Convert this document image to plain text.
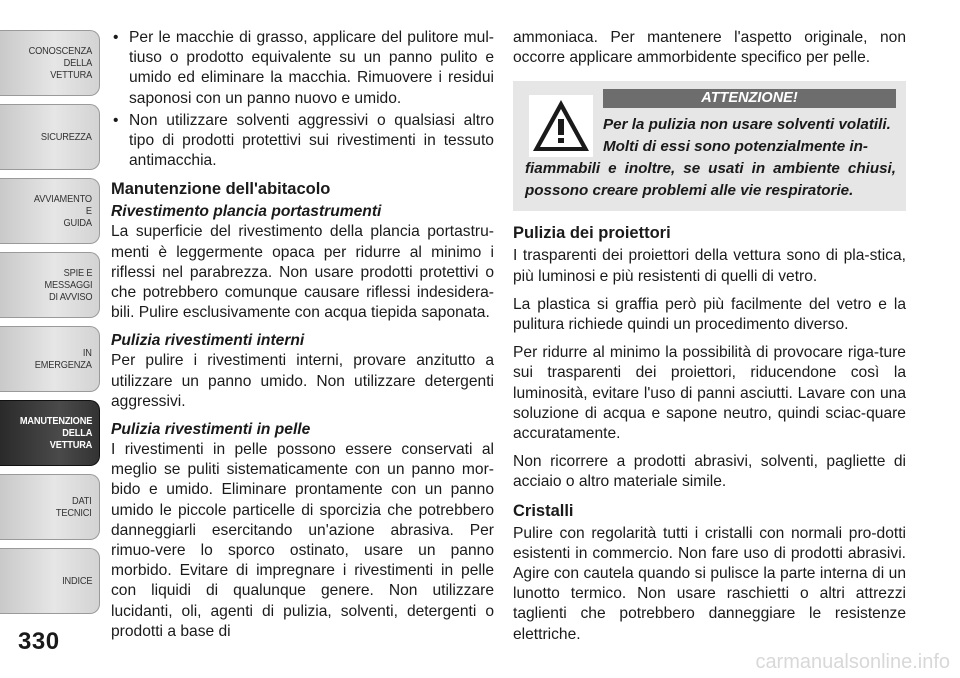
CONOSCENZA
DELLA
VETTURA
SICUREZZA
AVVIAMENTO
E
GUIDA
SPIE E
MESSAGGI
DI AVVISO
IN
EMERGENZA
MANUTENZIONE
DELLA
VETTURA
DATI
TECNICI
INDICE
330
• Per le macchie di grasso, applicare del pulitore mul-tiuso o prodotto equivalente su un panno pulito e umido ed eliminare la macchia. Rimuovere i residui saponosi con un panno nuovo e umido.
• Non utilizzare solventi aggressivi o qualsiasi altro tipo di prodotti protettivi sui rivestimenti in tessuto antimacchia.
Manutenzione dell'abitacolo
Rivestimento plancia portastrumenti

La superficie del rivestimento della plancia portastru-menti è leggermente opaca per ridurre al minimo i riflessi nel parabrezza. Non usare prodotti protettivi o che potrebbero comunque causare riflessi indesidera-bili. Pulire esclusivamente con acqua tiepida saponata.

Pulizia rivestimenti interni

Per pulire i rivestimenti interni, provare anzitutto a utilizzare un panno umido. Non utilizzare detergenti aggressivi.

Pulizia rivestimenti in pelle

I rivestimenti in pelle possono essere conservati al meglio se puliti sistematicamente con un panno mor-bido e umido. Eliminare prontamente con un panno umido le piccole particelle di sporcizia che potrebbero danneggiarli esercitando un'azione abrasiva. Per rimuo-vere lo sporco ostinato, usare un panno morbido. Evitare di impregnare i rivestimenti in pelle con liquidi di qualunque genere. Non utilizzare lucidanti, oli, agenti di pulizia, solventi, detergenti o prodotti a base di

ammoniaca. Per mantenere l'aspetto originale, non occorre applicare ammorbidente specifico per pelle.

ATTENZIONE!
Per la pulizia non usare solventi volatili.
Molti di essi sono potenzialmente in-
fiammabili e inoltre, se usati in ambiente chiusi, possono creare problemi alle vie respiratorie.
Pulizia dei proiettori

I trasparenti dei proiettori della vettura sono di pla-stica, più luminosi e più resistenti di quelli di vetro.

La plastica si graffia però più facilmente del vetro e la pulitura richiede quindi un procedimento diverso.

Per ridurre al minimo la possibilità di provocare riga-ture sui trasparenti dei proiettori, riducendone così la luminosità, evitare l'uso di panni asciutti. Lavare con una soluzione di acqua e sapone neutro, quindi sciac-quare accuratamente.

Non ricorrere a prodotti abrasivi, solventi, pagliette di acciaio o altro materiale simile.

Cristalli

Pulire con regolarità tutti i cristalli con normali pro-dotti esistenti in commercio. Non fare uso di prodotti abrasivi. Agire con cautela quando si pulisce la parte interna di un lunotto termico. Non usare raschietti o altri attrezzi taglienti che potrebbero danneggiare le resistenze elettriche.

carmanualsonline.info
